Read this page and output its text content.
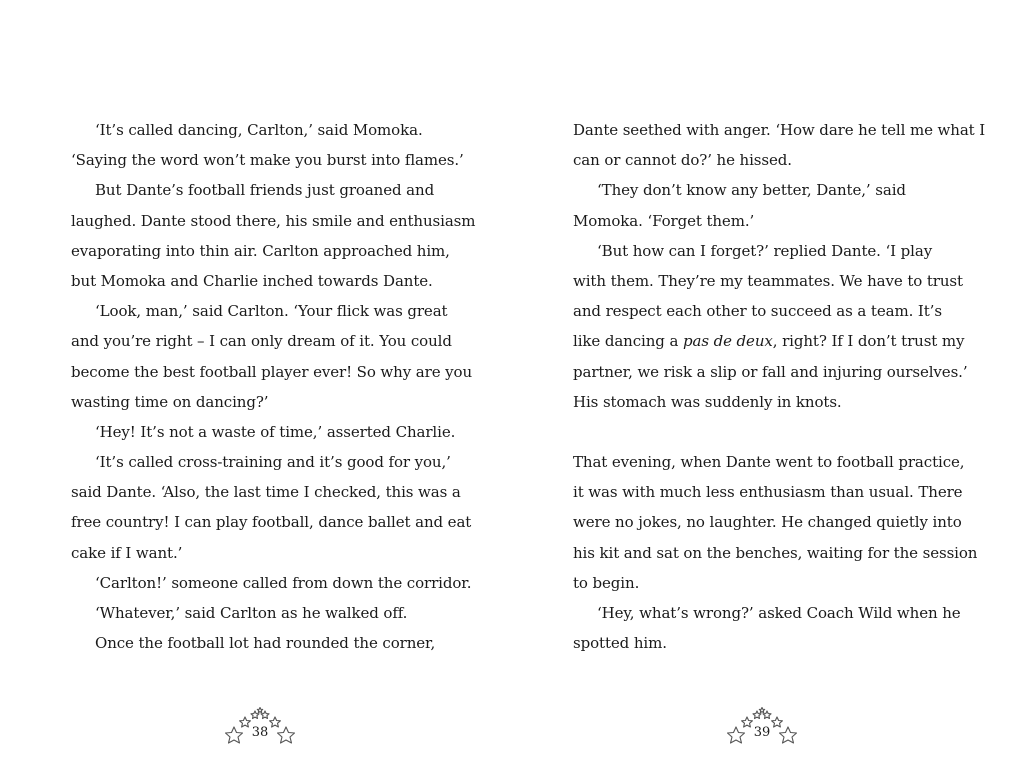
‘It’s called dancing, Carlton,’ said Momoka.
‘Saying the word won’t make you burst into flames.’
But Dante’s football friends just groaned and
laughed. Dante stood there, his smile and enthusiasm
evaporating into thin air. Carlton approached him,
but Momoka and Charlie inched towards Dante.
‘Look, man,’ said Carlton. ‘Your flick was great
and you’re right – I can only dream of it. You could
become the best football player ever! So why are you
wasting time on dancing?’
‘Hey! It’s not a waste of time,’ asserted Charlie.
‘It’s called cross-training and it’s good for you,’
said Dante. ‘Also, the last time I checked, this was a
free country! I can play football, dance ballet and eat
cake if I want.’
‘Carlton!’ someone called from down the corridor.
‘Whatever,’ said Carlton as he walked off.
Once the football lot had rounded the corner,
38
Dante seethed with anger. ‘How dare he tell me what I
can or cannot do?’ he hissed.
‘They don’t know any better, Dante,’ said
Momoka. ‘Forget them.’
‘But how can I forget?’ replied Dante. ‘I play
with them. They’re my teammates. We have to trust
and respect each other to succeed as a team. It’s
like dancing a pas de deux, right? If I don’t trust my
partner, we risk a slip or fall and injuring ourselves.’
His stomach was suddenly in knots.
That evening, when Dante went to football practice,
it was with much less enthusiasm than usual. There
were no jokes, no laughter. He changed quietly into
his kit and sat on the benches, waiting for the session
to begin.
‘Hey, what’s wrong?’ asked Coach Wild when he
spotted him.
39
